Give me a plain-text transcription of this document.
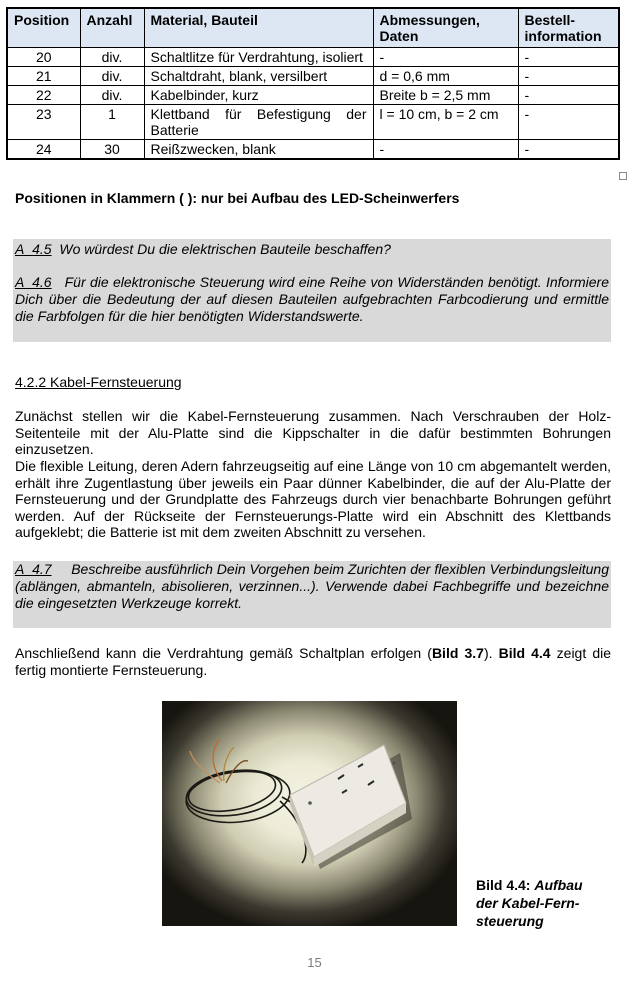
Position	Anzahl	Material, Bauteil	Abmessungen, Daten	Bestell-information
20	div.	Schaltlitze für Verdrahtung, isoliert	-	-
21	div.	Schaltdraht, blank, versilbert	d = 0,6 mm	-
22	div.	Kabelbinder, kurz	Breite b = 2,5 mm	-
23	1	Klettband für Befestigung der Batterie	l = 10 cm, b = 2 cm	-
24	30	Reißzwecken, blank	-	-
Positionen in Klammern ( ): nur bei Aufbau des LED-Scheinwerfers

A_4.5 Wo würdest Du die elektrischen Bauteile beschaffen?

A_4.6 Für die elektronische Steuerung wird eine Reihe von Widerständen benötigt. Informiere Dich über die Bedeutung der auf diesen Bauteilen aufgebrachten Farbcodierung und ermittle die Farbfolgen für die hier benötigten Widerstandswerte.

4.2.2 Kabel-Fernsteuerung

Zunächst stellen wir die Kabel-Fernsteuerung zusammen. Nach Verschrauben der Holz-Seitenteile mit der Alu-Platte sind die Kippschalter in die dafür bestimmten Bohrungen einzusetzen.

Die flexible Leitung, deren Adern fahrzeugseitig auf eine Länge von 10 cm abgemantelt werden, erhält ihre Zugentlastung über jeweils ein Paar dünner Kabelbinder, die auf der Alu-Platte der Fernsteuerung und der Grundplatte des Fahrzeugs durch vier benachbarte Bohrungen geführt werden. Auf der Rückseite der Fernsteuerungs-Platte wird ein Abschnitt des Klettbands aufgeklebt; die Batterie ist mit dem zweiten Abschnitt zu versehen.

A_4.7 Beschreibe ausführlich Dein Vorgehen beim Zurichten der flexiblen Verbindungsleitung (ablängen, abmanteln, abisolieren, verzinnen...). Verwende dabei Fachbegriffe und bezeichne die eingesetzten Werkzeuge korrekt.

Anschließend kann die Verdrahtung gemäß Schaltplan erfolgen (Bild 3.7). Bild 4.4 zeigt die fertig montierte Fernsteuerung.

Bild 4.4: Aufbau
der Kabel-Fern-
steuerung
15
